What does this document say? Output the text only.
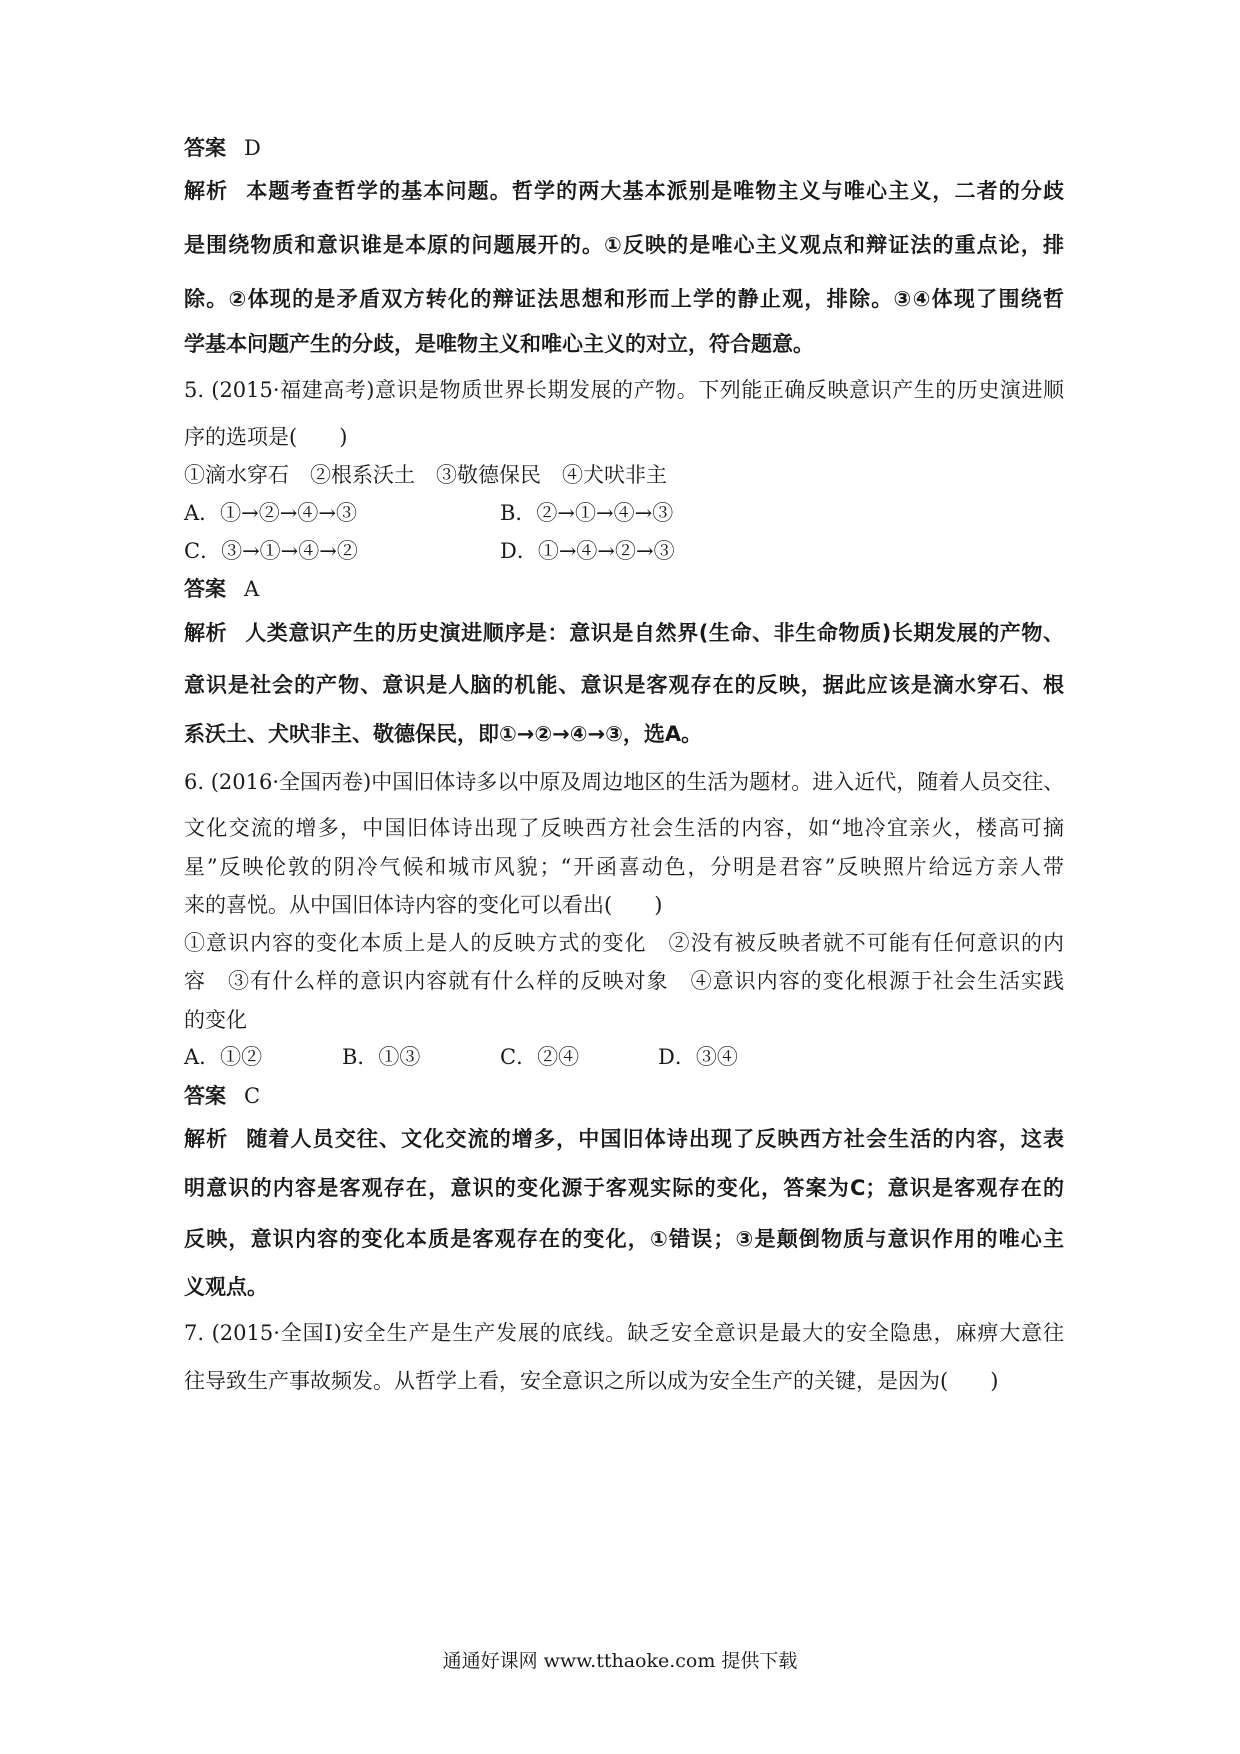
答案 D
解析 本题考查哲学的基本问题。哲学的两大基本派别是唯物主义与唯心主义，二者的分歧
是围绕物质和意识谁是本原的问题展开的。①反映的是唯心主义观点和辩证法的重点论，排
除。②体现的是矛盾双方转化的辩证法思想和形而上学的静止观，排除。③④体现了围绕哲
学基本问题产生的分歧，是唯物主义和唯心主义的对立，符合题意。
5. (2015·福建高考)意识是物质世界长期发展的产物。下列能正确反映意识产生的历史演进顺
序的选项是(　　)
①滴水穿石　②根系沃土　③敬德保民　④犬吠非主
A．①→②→④→③	B．②→①→④→③
C．③→①→④→②	D．①→④→②→③
答案 A
解析 人类意识产生的历史演进顺序是：意识是自然界(生命、非生命物质)长期发展的产物、
意识是社会的产物、意识是人脑的机能、意识是客观存在的反映，据此应该是滴水穿石、根
系沃土、犬吠非主、敬德保民，即①→②→④→③，选A。
6. (2016·全国丙卷)中国旧体诗多以中原及周边地区的生活为题材。进入近代，随着人员交往、
文化交流的增多，中国旧体诗出现了反映西方社会生活的内容，如“地冷宜亲火，楼高可摘
星”反映伦敦的阴冷气候和城市风貌；“开函喜动色，分明是君容”反映照片给远方亲人带
来的喜悦。从中国旧体诗内容的变化可以看出(　　)
①意识内容的变化本质上是人的反映方式的变化　②没有被反映者就不可能有任何意识的内
容　③有什么样的意识内容就有什么样的反映对象　④意识内容的变化根源于社会生活实践
的变化
A．①②	B．①③	C．②④	D．③④
答案 C
解析 随着人员交往、文化交流的增多，中国旧体诗出现了反映西方社会生活的内容，这表
明意识的内容是客观存在，意识的变化源于客观实际的变化，答案为C；意识是客观存在的
反映，意识内容的变化本质是客观存在的变化，①错误；③是颠倒物质与意识作用的唯心主
义观点。
7. (2015·全国Ⅰ)安全生产是生产发展的底线。缺乏安全意识是最大的安全隐患，麻痹大意往
往导致生产事故频发。从哲学上看，安全意识之所以成为安全生产的关键，是因为(　　)
通通好课网 www.tthaoke.com 提供下载
